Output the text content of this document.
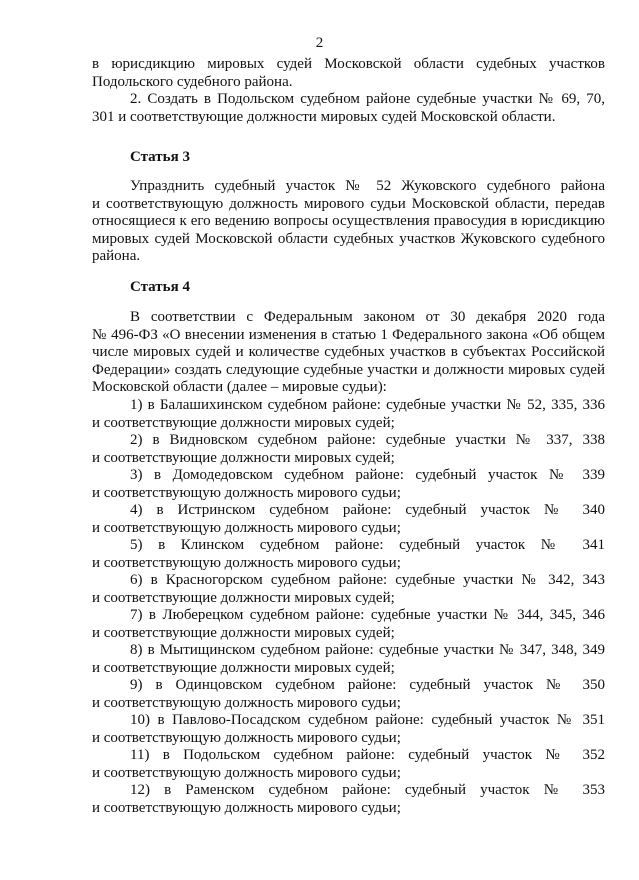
2
в юрисдикцию мировых судей Московской области судебных участков
Подольского судебного района.
2. Создать в Подольском судебном районе судебные участки № 69, 70,
301 и соответствующие должности мировых судей Московской области.
Статья 3
Упразднить судебный участок № 52 Жуковского судебного района
и соответствующую должность мирового судьи Московской области, передав
относящиеся к его ведению вопросы осуществления правосудия в юрисдикцию
мировых судей Московской области судебных участков Жуковского судебного
района.
Статья 4
В соответствии с Федеральным законом от 30 декабря 2020 года
№ 496-ФЗ «О внесении изменения в статью 1 Федерального закона «Об общем
числе мировых судей и количестве судебных участков в субъектах Российской
Федерации» создать следующие судебные участки и должности мировых судей
Московской области (далее – мировые судьи):
1) в Балашихинском судебном районе: судебные участки № 52, 335, 336
и соответствующие должности мировых судей;
2) в Видновском судебном районе: судебные участки № 337, 338
и соответствующие должности мировых судей;
3) в Домодедовском судебном районе: судебный участок № 339
и соответствующую должность мирового судьи;
4) в Истринском судебном районе: судебный участок № 340
и соответствующую должность мирового судьи;
5) в Клинском судебном районе: судебный участок № 341
и соответствующую должность мирового судьи;
6) в Красногорском судебном районе: судебные участки № 342, 343
и соответствующие должности мировых судей;
7) в Люберецком судебном районе: судебные участки № 344, 345, 346
и соответствующие должности мировых судей;
8) в Мытищинском судебном районе: судебные участки № 347, 348, 349
и соответствующие должности мировых судей;
9) в Одинцовском судебном районе: судебный участок № 350
и соответствующую должность мирового судьи;
10) в Павлово-Посадском судебном районе: судебный участок № 351
и соответствующую должность мирового судьи;
11) в Подольском судебном районе: судебный участок № 352
и соответствующую должность мирового судьи;
12) в Раменском судебном районе: судебный участок № 353
и соответствующую должность мирового судьи;
